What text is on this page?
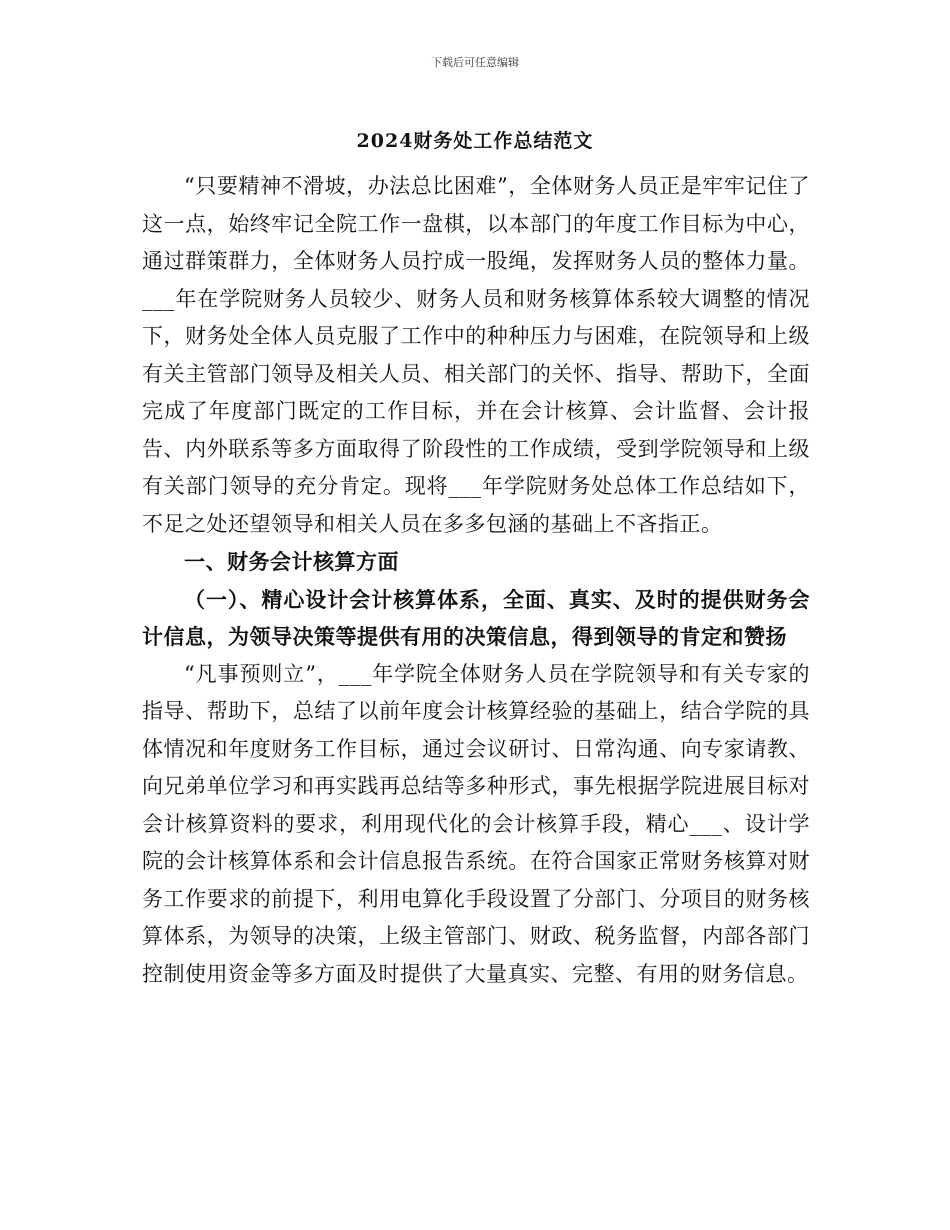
下载后可任意编辑
2024财务处工作总结范文

“只要精神不滑坡，办法总比困难”，全体财务人员正是牢牢记住了这一点，始终牢记全院工作一盘棋，以本部门的年度工作目标为中心，通过群策群力，全体财务人员拧成一股绳，发挥财务人员的整体力量。___年在学院财务人员较少、财务人员和财务核算体系较大调整的情况下，财务处全体人员克服了工作中的种种压力与困难，在院领导和上级有关主管部门领导及相关人员、相关部门的关怀、指导、帮助下，全面完成了年度部门既定的工作目标，并在会计核算、会计监督、会计报告、内外联系等多方面取得了阶段性的工作成绩，受到学院领导和上级有关部门领导的充分肯定。现将___年学院财务处总体工作总结如下，不足之处还望领导和相关人员在多多包涵的基础上不吝指正。

一、财务会计核算方面

（一）、精心设计会计核算体系，全面、真实、及时的提供财务会计信息，为领导决策等提供有用的决策信息，得到领导的肯定和赞扬

“凡事预则立”，___年学院全体财务人员在学院领导和有关专家的指导、帮助下，总结了以前年度会计核算经验的基础上，结合学院的具体情况和年度财务工作目标，通过会议研讨、日常沟通、向专家请教、向兄弟单位学习和再实践再总结等多种形式，事先根据学院进展目标对会计核算资料的要求，利用现代化的会计核算手段，精心___、设计学院的会计核算体系和会计信息报告系统。在符合国家正常财务核算对财务工作要求的前提下，利用电算化手段设置了分部门、分项目的财务核算体系，为领导的决策，上级主管部门、财政、税务监督，内部各部门控制使用资金等多方面及时提供了大量真实、完整、有用的财务信息。
